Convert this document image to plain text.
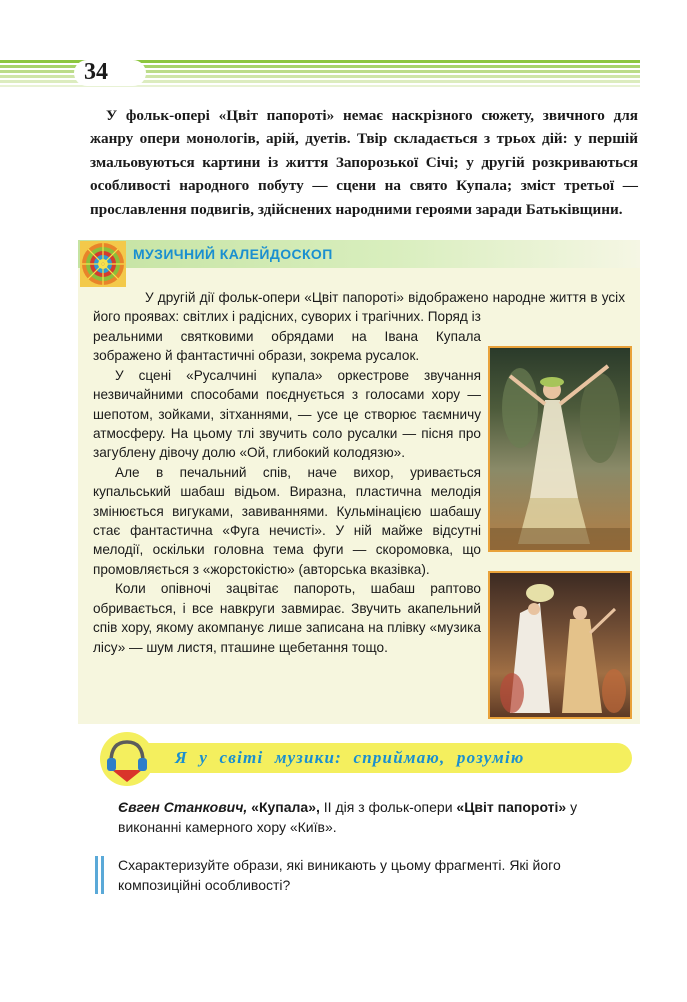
34

У фольк-опері «Цвіт папороті» немає наскрізного сюжету, звичного для жанру опери монологів, арій, дуетів. Твір складається з трьох дій: у першій змальовуються картини із життя Запорозької Січі; у другій розкриваються особливості народного побуту — сцени на свято Купала; зміст третьої — прославлення подвигів, здійснених народними героями заради Батьківщини.

МУЗИЧНИЙ КАЛЕЙДОСКОП

У другій дії фольк-опери «Цвіт папороті» відображено народне життя в усіх його проявах: світлих і радісних, суворих і трагічних. Поряд із

реальними святковими обрядами на Івана Купала зображено й фантастичні образи, зокрема русалок.

У сцені «Русалчині купала» оркестрове звучання незвичайними способами поєднується з голосами хору — шепотом, зойками, зітханнями, — усе це створює таємничу атмосферу. На цьому тлі звучить соло русалки — пісня про загублену дівочу долю «Ой, глибокий колодязю».

Але в печальний спів, наче вихор, уривається купальський шабаш відьом. Виразна, пластична мелодія змінюється вигуками, завиваннями. Кульмінацією шабашу стає фантастична «Фуга нечисті». У ній майже відсутні мелодії, оскільки головна тема фуги — скоромовка, що промовляється з «жорстокістю» (авторська вказівка).

Коли опівночі зацвітає папороть, шабаш раптово обривається, і все навкруги завмирає. Звучить акапельний спів хору, якому акомпанує лише записана на плівку «музика лісу» — шум листя, пташине щебетання тощо.

Я у світі музики: сприймаю, розумію
Євген Станкович, «Купала», ІІ дія з фольк-опери «Цвіт папороті» у виконанні камерного хору «Київ».
Схарактеризуйте образи, які виникають у цьому фрагменті. Які його композиційні особливості?
